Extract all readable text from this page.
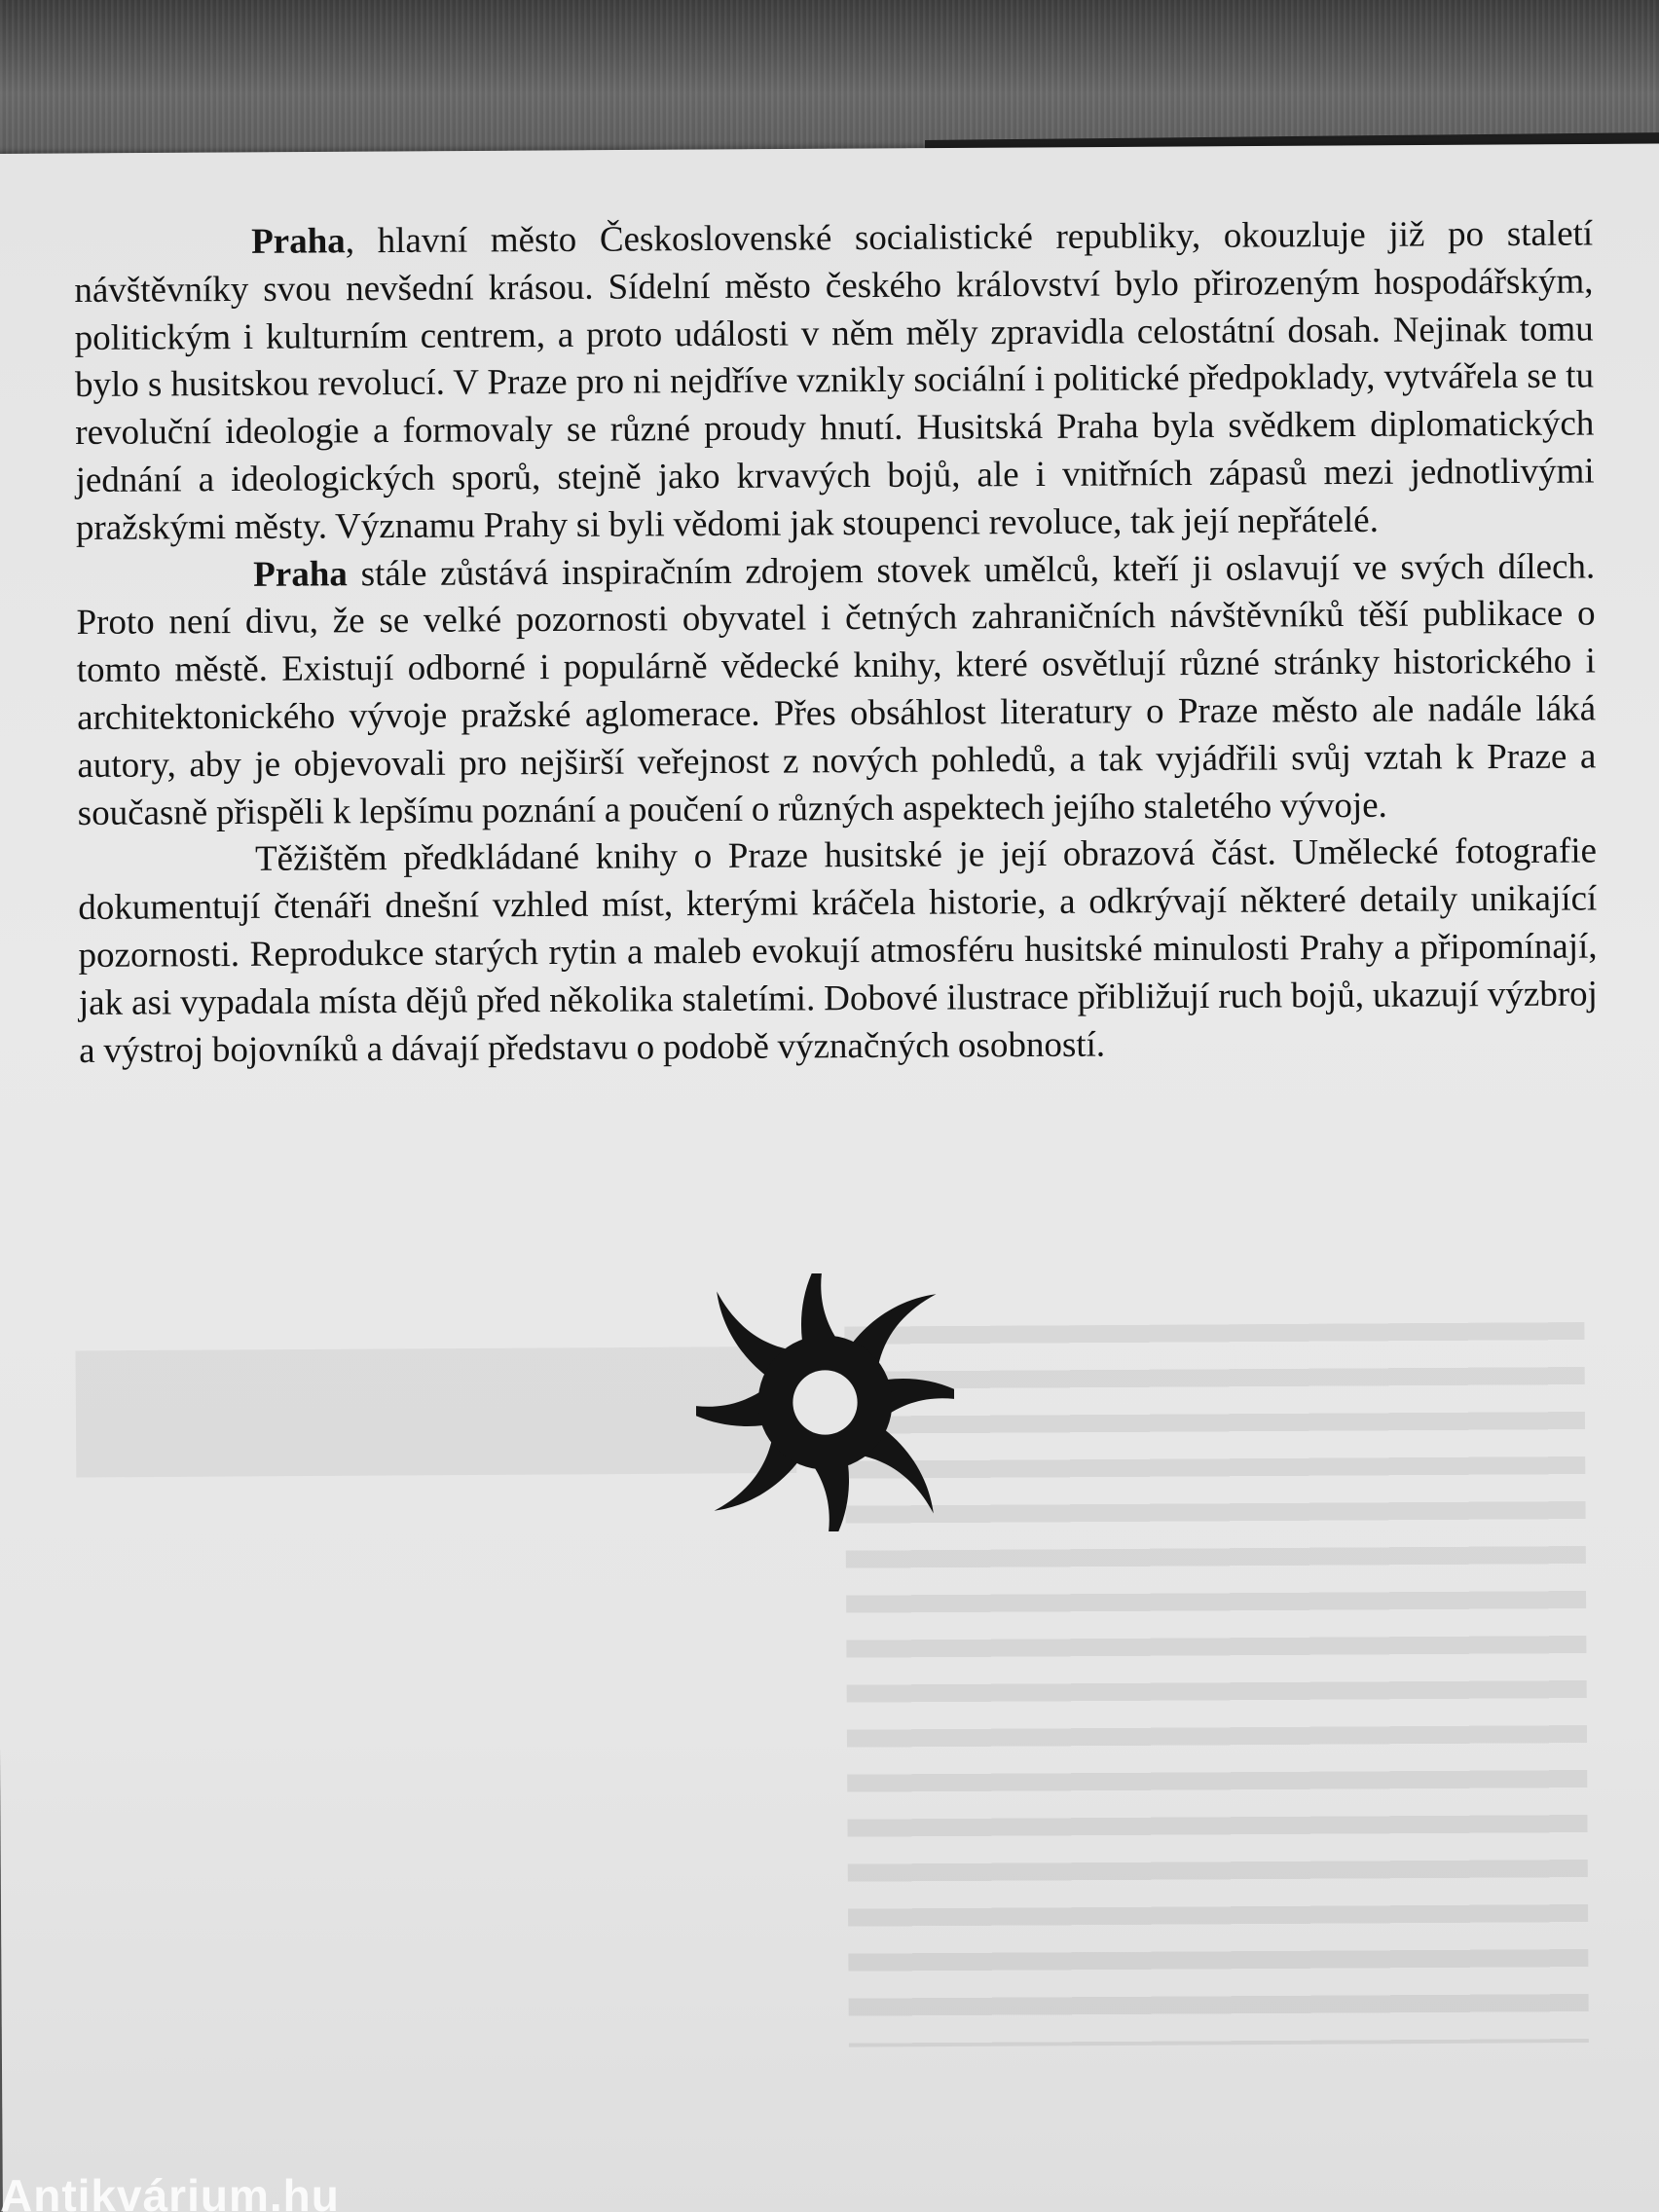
Praha, hlavní město Československé socialistické republiky, okouzluje již po staletí návštěvníky svou nevšední krásou. Sídelní město českého království bylo přirozeným hospodářským, politickým i kulturním centrem, a proto události v něm měly zpravidla celostátní dosah. Nejinak tomu bylo s husitskou revolucí. V Praze pro ni nejdříve vznikly sociální i politické předpoklady, vytvářela se tu revoluční ideologie a formovaly se různé proudy hnutí. Husitská Praha byla svědkem diplomatických jednání a ideologických sporů, stejně jako krvavých bojů, ale i vnitřních zápasů mezi jednotlivými pražskými městy. Významu Prahy si byli vědomi jak stoupenci revoluce, tak její nepřátelé.

Praha stále zůstává inspiračním zdrojem stovek umělců, kteří ji oslavují ve svých dílech. Proto není divu, že se velké pozornosti obyvatel i četných zahraničních návštěvníků těší publikace o tomto městě. Existují odborné i populárně vědecké knihy, které osvětlují různé stránky historického i architektonického vývoje pražské aglomerace. Přes obsáhlost literatury o Praze město ale nadále láká autory, aby je objevovali pro nejširší veřejnost z nových pohledů, a tak vyjádřili svůj vztah k Praze a současně přispěli k lepšímu poznání a poučení o různých aspektech jejího staletého vývoje.

Těžištěm předkládané knihy o Praze husitské je její obrazová část. Umělecké fotografie dokumentují čtenáři dnešní vzhled míst, kterými kráčela historie, a odkrývají některé detaily unikající pozornosti. Reprodukce starých rytin a maleb evokují atmosféru husitské minulosti Prahy a připomínají, jak asi vypadala místa dějů před několika staletími. Dobové ilustrace přibližují ruch bojů, ukazují výzbroj a výstroj bojovníků a dávají představu o podobě význačných osobností.

Antikvárium.hu
